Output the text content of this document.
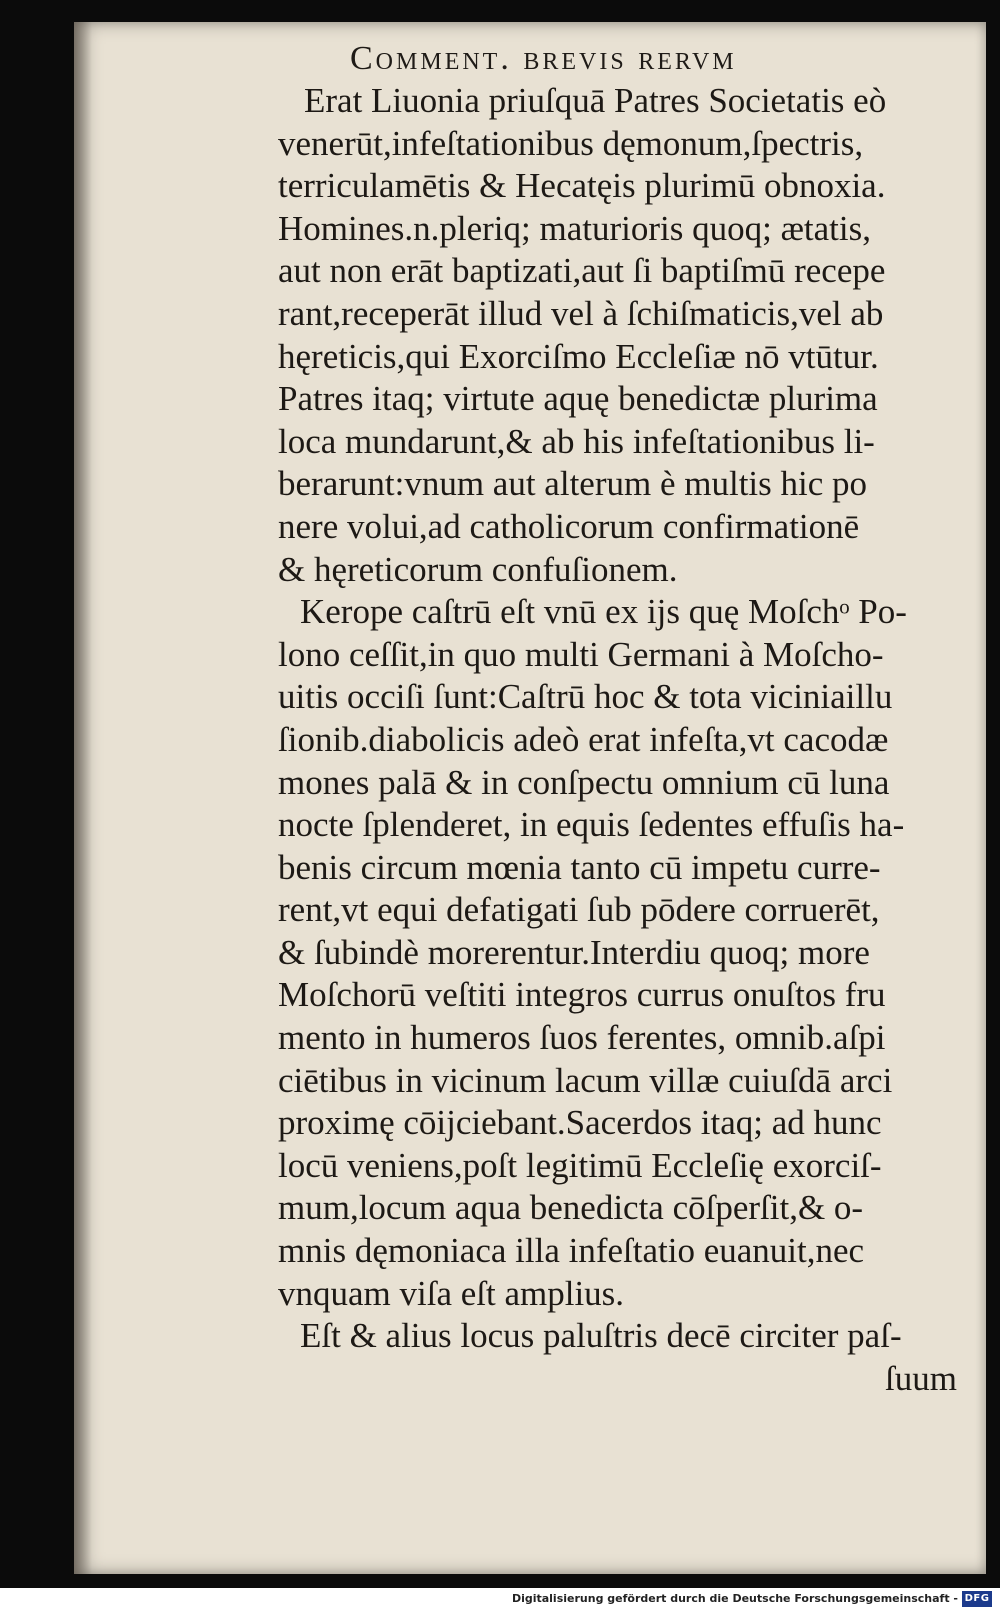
Comment. brevis rervm
Erat Liuonia priuſquā Patres Societatis eò
venerūt,infeſtationibus dęmonum,ſpectris,
terriculamētis & Hecatęis plurimū obnoxia.
Homines.n.pleriq; maturioris quoq; ætatis,
aut non erāt baptizati,aut ſi baptiſmū recepe
rant,receperāt illud vel à ſchiſmaticis,vel ab
hęreticis,qui Exorciſmo Eccleſiæ nō vtūtur.
Patres itaq; virtute aquę benedictæ plurima
loca mundarunt,& ab his infeſtationibus li-
berarunt:vnum aut alterum è multis hic po
nere volui,ad catholicorum confirmationē
& hęreticorum confuſionem.
Kerope caſtrū eſt vnū ex ijs quę Moſchᵒ Po-
lono ceſſit,in quo multi Germani à Moſcho-
uitis occiſi ſunt:Caſtrū hoc & tota viciniaillu
ſionib.diabolicis adeò erat infeſta,vt cacodæ
mones palā & in conſpectu omnium cū luna
nocte ſplenderet, in equis ſedentes effuſis ha-
benis circum mœnia tanto cū impetu curre-
rent,vt equi defatigati ſub pōdere corruerēt,
& ſubindè morerentur.Interdiu quoq; more
Moſchorū veſtiti integros currus onuſtos fru
mento in humeros ſuos ferentes, omnib.aſpi
ciētibus in vicinum lacum villæ cuiuſdā arci
proximę cōijciebant.Sacerdos itaq; ad hunc
locū veniens,poſt legitimū Eccleſię exorciſ-
mum,locum aqua benedicta cōſperſit,& o-
mnis dęmoniaca illa infeſtatio euanuit,nec
vnquam viſa eſt amplius.
Eſt & alius locus paluſtris decē circiter paſ-
ſuum
Digitalisierung gefördert durch die Deutsche Forschungsgemeinschaft - DFG
